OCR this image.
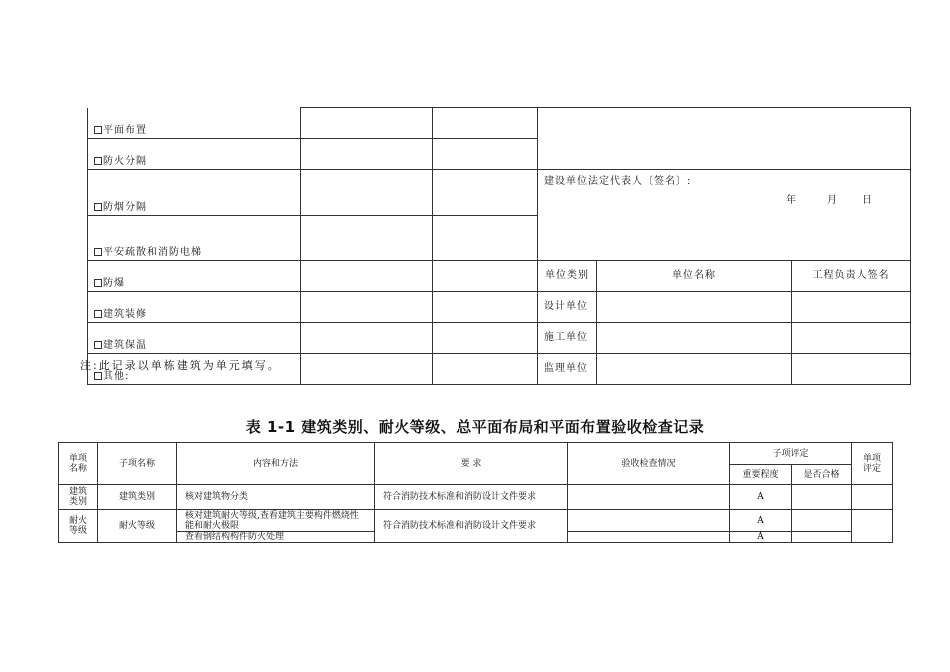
平面布置					
防火分隔					
防烟分隔			建设单位法定代表人〔签名〕:
年 月 日		

平安疏散和消防电梯					
防爆			单位类别	单位名称	工程负责人签名
建筑装修			设计单位		
建筑保温			施工单位		
其他:			监理单位		
注:此记录以单栋建筑为单元填写。
表 1-1 建筑类别、耐火等级、总平面布局和平面布置验收检查记录
单项名称	子项名称	内容和方法	要 求	验收检查情况	子项评定		单项评定
					重要程度	是否合格	
建筑类别	建筑类别	核对建筑物分类	符合消防技术标准和消防设计文件要求		A		
耐火等级	耐火等级	核对建筑耐火等级,查看建筑主要构件燃烧性能和耐火极限	符合消防技术标准和消防设计文件要求		A		
		查看钢结构构件防火处理			A		
